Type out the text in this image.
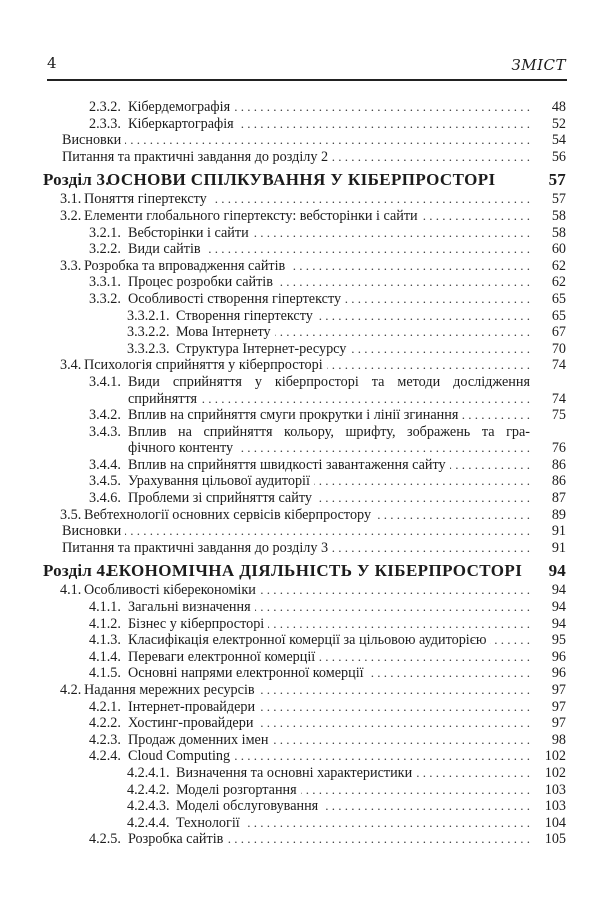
4	ЗМІСТ
2.3.2. Кібердемографія . . .	48
2.3.3. Кіберкартографія . . .	52
Висновки . . .	54
Питання та практичні завдання до розділу 2 . . .	56
Розділ 3.
ОСНОВИ СПІЛКУВАННЯ У КІБЕРПРОСТОРІ	57
3.1. Поняття гіпертексту . . .	57
3.2. Елементи глобального гіпертексту: вебсторінки і сайти . . .	58
3.2.1. Вебсторінки і сайти . . .	58
3.2.2. Види сайтів . . .	60
3.3. Розробка та впровадження сайтів . . .	62
3.3.1. Процес розробки сайтів . . .	62
3.3.2. Особливості створення гіпертексту . . .	65
3.3.2.1. Створення гіпертексту . . .	65
3.3.2.2. Мова Інтернету . . .	67
3.3.2.3. Структура Інтернет-ресурсу . . .	70
3.4. Психологія сприйняття у кіберпросторі . . .	74
3.4.1. Види сприйняття у кіберпросторі та методи дослідження
сприйняття . . .	74
3.4.2. Вплив на сприйняття смуги прокрутки і лінії згинання . . .	75
3.4.3. Вплив на сприйняття кольору, шрифту, зображень та гра-
фічного контенту . . .	76
3.4.4. Вплив на сприйняття швидкості завантаження сайту . . .	86
3.4.5. Урахування цільової аудиторії . . .	86
3.4.6. Проблеми зі сприйняття сайту . . .	87
3.5. Вебтехнології основних сервісів кіберпростору . . .	89
Висновки . . .	91
Питання та практичні завдання до розділу 3 . . .	91
Розділ 4.
ЕКОНОМІЧНА ДІЯЛЬНІСТЬ У КІБЕРПРОСТОРІ	94
4.1. Особливості кіберекономіки . . .	94
4.1.1. Загальні визначення . . .	94
4.1.2. Бізнес у кіберпросторі . . .	94
4.1.3. Класифікація електронної комерції за цільовою аудиторією . . .	95
4.1.4. Переваги електронної комерції . . .	96
4.1.5. Основні напрями електронної комерції . . .	96
4.2. Надання мережних ресурсів . . .	97
4.2.1. Інтернет-провайдери . . .	97
4.2.2. Хостинг-провайдери . . .	97
4.2.3. Продаж доменних імен . . .	98
4.2.4. Cloud Computing . . .	102
4.2.4.1. Визначення та основні характеристики . . .	102
4.2.4.2. Моделі розгортання . . .	103
4.2.4.3. Моделі обслуговування . . .	103
4.2.4.4. Технології . . .	104
4.2.5. Розробка сайтів . . .	105
